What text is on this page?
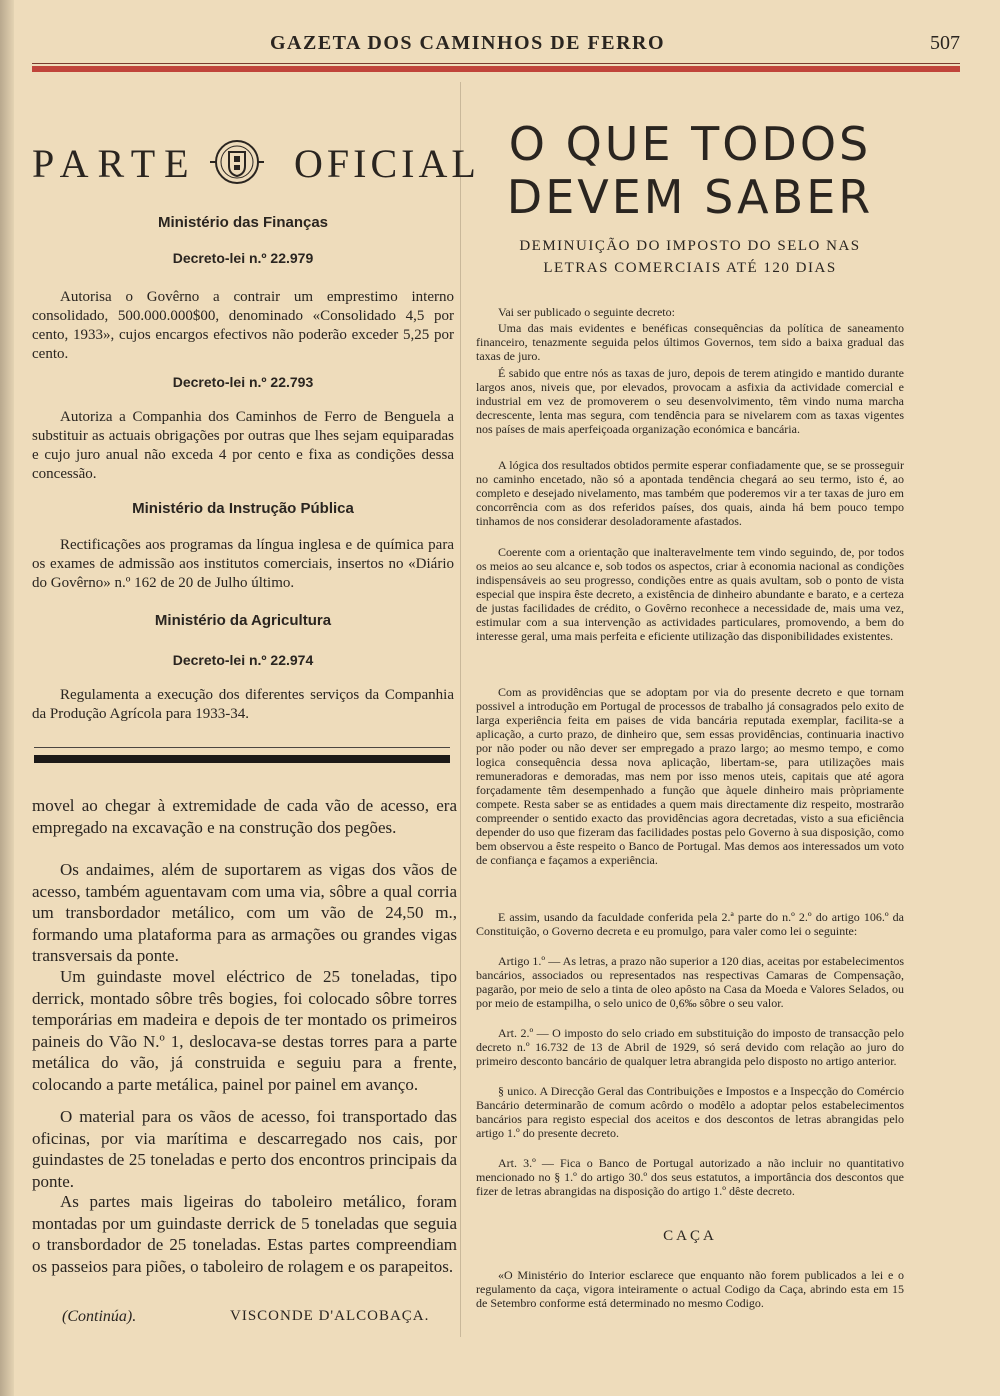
GAZETA DOS CAMINHOS DE FERRO	507
PARTE OFICIAL
Ministério das Finanças
Decreto-lei n.º 22.979
Autorisa o Govêrno a contrair um emprestimo interno consolidado, 500.000.000$00, denominado «Consolidado 4,5 por cento, 1933», cujos encargos efectivos não poderão exceder 5,25 por cento.
Decreto-lei n.º 22.793
Autoriza a Companhia dos Caminhos de Ferro de Benguela a substituir as actuais obrigações por outras que lhes sejam equiparadas e cujo juro anual não exceda 4 por cento e fixa as condições dessa concessão.
Ministério da Instrução Pública
Rectificações aos programas da língua inglesa e de química para os exames de admissão aos institutos comerciais, insertos no «Diário do Govêrno» n.º 162 de 20 de Julho último.
Ministério da Agricultura
Decreto-lei n.º 22.974
Regulamenta a execução dos diferentes serviços da Companhia da Produção Agrícola para 1933-34.
movel ao chegar à extremidade de cada vão de acesso, era empregado na excavação e na construção dos pegões.
Os andaimes, além de suportarem as vigas dos vãos de acesso, também aguentavam com uma via, sôbre a qual corria um transbordador metálico, com um vão de 24,50 m., formando uma plataforma para as armações ou grandes vigas transversais da ponte.
Um guindaste movel eléctrico de 25 toneladas, tipo derrick, montado sôbre três bogies, foi colocado sôbre torres temporárias em madeira e depois de ter montado os primeiros paineis do Vão N.º 1, deslocava-se destas torres para a parte metálica do vão, já construida e seguiu para a frente, colocando a parte metálica, painel por painel em avanço.
O material para os vãos de acesso, foi transportado das oficinas, por via marítima e descarregado nos cais, por guindastes de 25 toneladas e perto dos encontros principais da ponte.
As partes mais ligeiras do taboleiro metálico, foram montadas por um guindaste derrick de 5 toneladas que seguia o transbordador de 25 toneladas. Estas partes compreendiam os passeios para piões, o taboleiro de rolagem e os parapeitos.
(Continúa).	VISCONDE D'ALCOBAÇA.
O QUE TODOS
DEVEM SABER
DEMINUIÇÃO DO IMPOSTO DO SELO NAS
LETRAS COMERCIAIS ATÉ 120 DIAS
Vai ser publicado o seguinte decreto:
Uma das mais evidentes e benéficas consequências da política de saneamento financeiro, tenazmente seguida pelos últimos Governos, tem sido a baixa gradual das taxas de juro.
É sabido que entre nós as taxas de juro, depois de terem atingido e mantido durante largos anos, niveis que, por elevados, provocam a asfixia da actividade comercial e industrial em vez de promoverem o seu desenvolvimento, têm vindo numa marcha decrescente, lenta mas segura, com tendência para se nivelarem com as taxas vigentes nos países de mais aperfeiçoada organização económica e bancária.
A lógica dos resultados obtidos permite esperar confiadamente que, se se prosseguir no caminho encetado, não só a apontada tendência chegará ao seu termo, isto é, ao completo e desejado nivelamento, mas também que poderemos vir a ter taxas de juro em concorrência com as dos referidos países, dos quais, ainda há bem pouco tempo tinhamos de nos considerar desoladoramente afastados.
Coerente com a orientação que inalteravelmente tem vindo seguindo, de, por todos os meios ao seu alcance e, sob todos os aspectos, criar à economia nacional as condições indispensáveis ao seu progresso, condições entre as quais avultam, sob o ponto de vista especial que inspira êste decreto, a existência de dinheiro abundante e barato, e a certeza de justas facilidades de crédito, o Govêrno reconhece a necessidade de, mais uma vez, estimular com a sua intervenção as actividades particulares, promovendo, a bem do interesse geral, uma mais perfeita e eficiente utilização das disponibilidades existentes.
Com as providências que se adoptam por via do presente decreto e que tornam possivel a introdução em Portugal de processos de trabalho já consagrados pelo exito de larga experiência feita em paises de vida bancária reputada exemplar, facilita-se a aplicação, a curto prazo, de dinheiro que, sem essas providências, continuaria inactivo por não poder ou não dever ser empregado a prazo largo; ao mesmo tempo, e como logica consequência dessa nova aplicação, libertam-se, para utilizações mais remuneradoras e demoradas, mas nem por isso menos uteis, capitais que até agora forçadamente têm desempenhado a função que àquele dinheiro mais pròpriamente compete. Resta saber se as entidades a quem mais directamente diz respeito, mostrarão compreender o sentido exacto das providências agora decretadas, visto a sua eficiência depender do uso que fizeram das facilidades postas pelo Governo à sua disposição, como bem observou a êste respeito o Banco de Portugal. Mas demos aos interessados um voto de confiança e façamos a experiência.
E assim, usando da faculdade conferida pela 2.ª parte do n.º 2.º do artigo 106.º da Constituição, o Governo decreta e eu promulgo, para valer como lei o seguinte:
Artigo 1.º — As letras, a prazo não superior a 120 dias, aceitas por estabelecimentos bancários, associados ou representados nas respectivas Camaras de Compensação, pagarão, por meio de selo a tinta de oleo apôsto na Casa da Moeda e Valores Selados, ou por meio de estampilha, o selo unico de 0,6‰ sôbre o seu valor.
Art. 2.º — O imposto do selo criado em substituição do imposto de transacção pelo decreto n.º 16.732 de 13 de Abril de 1929, só será devido com relação ao juro do primeiro desconto bancário de qualquer letra abrangida pelo disposto no artigo anterior.
§ unico. A Direcção Geral das Contribuições e Impostos e a Inspecção do Comércio Bancário determinarão de comum acôrdo o modêlo a adoptar pelos estabelecimentos bancários para registo especial dos aceitos e dos descontos de letras abrangidas pelo artigo 1.º do presente decreto.
Art. 3.º — Fica o Banco de Portugal autorizado a não incluir no quantitativo mencionado no § 1.º do artigo 30.º dos seus estatutos, a importância dos descontos que fizer de letras abrangidas na disposição do artigo 1.º dêste decreto.
CAÇA
«O Ministério do Interior esclarece que enquanto não forem publicados a lei e o regulamento da caça, vigora inteiramente o actual Codigo da Caça, abrindo esta em 15 de Setembro conforme está determinado no mesmo Codigo.
